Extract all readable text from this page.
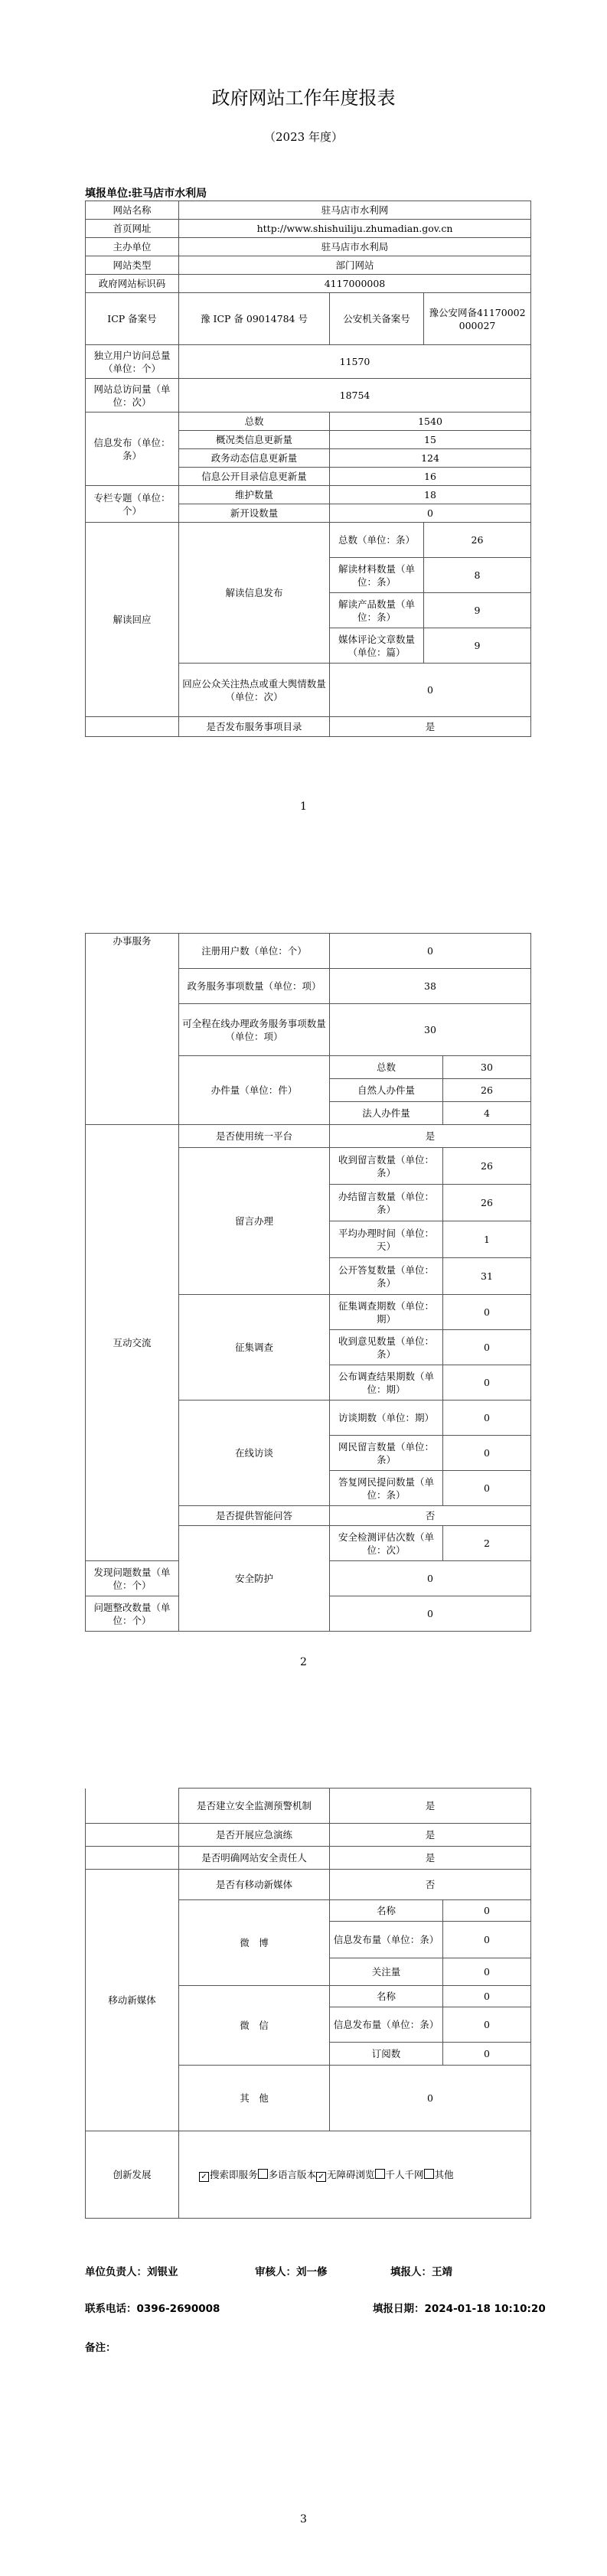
政府网站工作年度报表
（2023 年度）
填报单位:驻马店市水利局
网站名称	驻马店市水利网		
首页网址	http://www.shishuiliju.zhumadian.gov.cn		
主办单位	驻马店市水利局		
网站类型	部门网站		
政府网站标识码	4117000008		
ICP 备案号	豫 ICP 备 09014784 号	公安机关备案号	豫公安网备41170002000027
独立用户访问总量（单位：个）	11570		
网站总访问量（单位：次）	18754		
信息发布（单位：条）	总数	1540	
	概况类信息更新量	15	
	政务动态信息更新量	124	
	信息公开目录信息更新量	16	
专栏专题（单位：个）	维护数量	18	
	新开设数量	0	
解读回应	解读信息发布	总数（单位：条）	26
		解读材料数量（单位：条）	8
		解读产品数量（单位：条）	9
		媒体评论文章数量（单位：篇）	9
	回应公众关注热点或重大舆情数量（单位：次）	0	
	是否发布服务事项目录	是	
1
办事服务	注册用户数（单位：个）	0	
	政务服务事项数量（单位：项）	38	
	可全程在线办理政务服务事项数量（单位：项）	30	
	办件量（单位：件）	总数	30
		自然人办件量	26
		法人办件量	4
互动交流	是否使用统一平台	是	
	留言办理	收到留言数量（单位：条）	26
		办结留言数量（单位：条）	26
		平均办理时间（单位：天）	1
		公开答复数量（单位：条）	31
	征集调查	征集调查期数（单位：期）	0
		收到意见数量（单位：条）	0
		公布调查结果期数（单位：期）	0
	在线访谈	访谈期数（单位：期）	0
		网民留言数量（单位：条）	0
		答复网民提问数量（单位：条）	0
	是否提供智能问答	否	
	安全防护	安全检测评估次数（单位：次）	2
发现问题数量（单位：个）		0	
问题整改数量（单位：个）		0	
2
	是否建立安全监测预警机制	是	
	是否开展应急演练	是	
	是否明确网站安全责任人	是	
移动新媒体	是否有移动新媒体	否	
	微　博	名称	0
		信息发布量（单位：条）	0
		关注量	0
	微　信	名称	0
		信息发布量（单位：条）	0
		订阅数	0
	其　他	0	
创新发展	✓ 搜索即服务 多语言版本 ✓ 无障碍浏览 千人千网 其他		
单位负责人：刘银业	审核人：刘一修	填报人：王靖
联系电话：0396-2690008	填报日期：2024-01-18 10:10:20
备注：
3
